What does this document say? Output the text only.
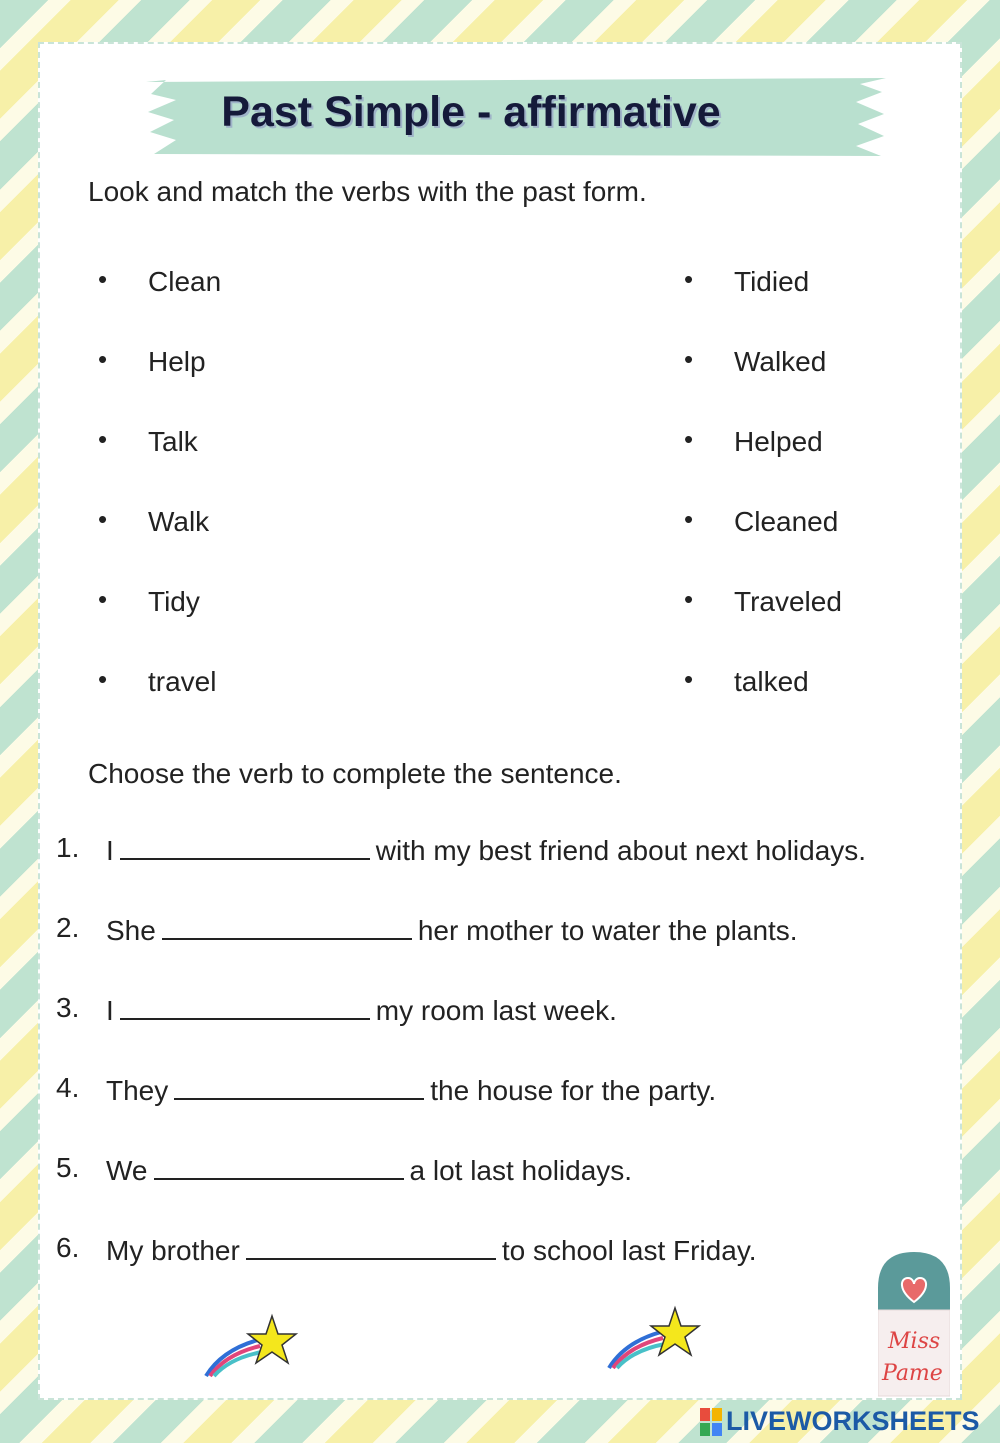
Past Simple - affirmative
Look and match the verbs with the past form.
• Clean
• Help
• Talk
• Walk
• Tidy
• travel
• Tidied
• Walked
• Helped
• Cleaned
• Traveled
• talked
Choose the verb to complete the sentence.
1. I	with my best friend about next holidays.
2. She	her mother to water the plants.
3. I	my room last week.
4. They	the house for the party.
5. We	a lot last holidays.
6. My brother	to school last Friday.
Miss
Pame
LIVEWORKSHEETS
